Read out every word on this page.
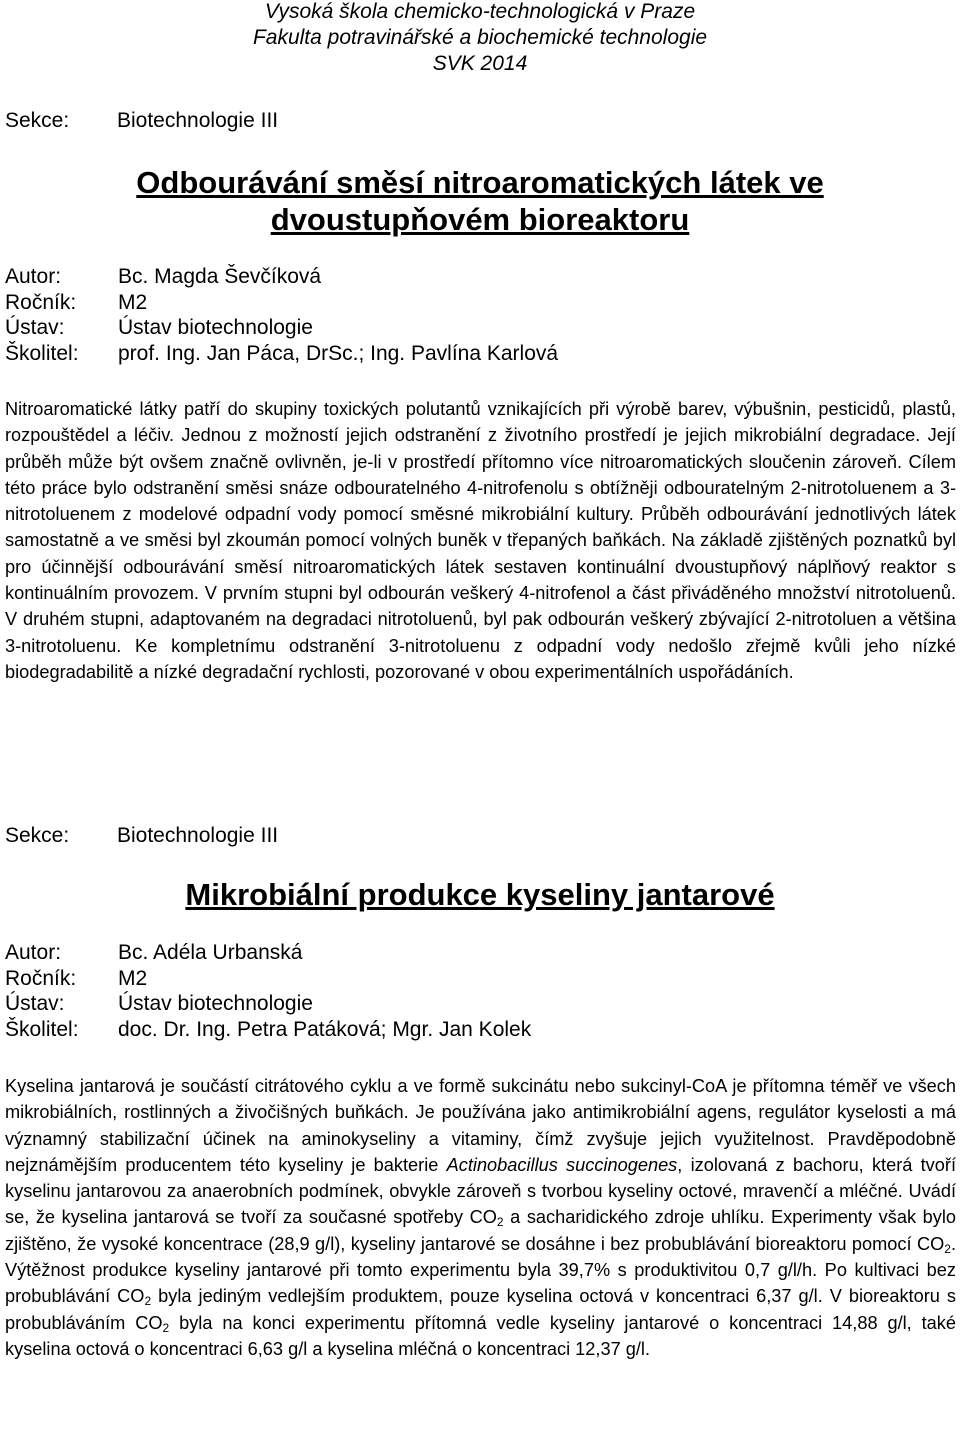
Vysoká škola chemicko-technologická v Praze
Fakulta potravinářské a biochemické technologie
SVK 2014
Sekce: Biotechnologie III
Odbourávání směsí nitroaromatických látek ve
dvoustupňovém bioreaktoru
Autor:	Bc. Magda Ševčíková
Ročník:	M2
Ústav:	Ústav biotechnologie
Školitel:	prof. Ing. Jan Páca, DrSc.; Ing. Pavlína Karlová

Nitroaromatické látky patří do skupiny toxických polutantů vznikajících při výrobě barev, výbušnin, pesticidů, plastů, rozpouštědel a léčiv. Jednou z možností jejich odstranění z životního prostředí je jejich mikrobiální degradace. Její průběh může být ovšem značně ovlivněn, je-li v prostředí přítomno více nitroaromatických sloučenin zároveň. Cílem této práce bylo odstranění směsi snáze odbouratelného 4-nitrofenolu s obtížněji odbouratelným 2-nitrotoluenem a 3-nitrotoluenem z modelové odpadní vody pomocí směsné mikrobiální kultury. Průběh odbourávání jednotlivých látek samostatně a ve směsi byl zkoumán pomocí volných buněk v třepaných baňkách. Na základě zjištěných poznatků byl pro účinnější odbourávání směsí nitroaromatických látek sestaven kontinuální dvoustupňový náplňový reaktor s kontinuálním provozem. V prvním stupni byl odbourán veškerý 4-nitrofenol a část přiváděného množství nitrotoluenů. V druhém stupni, adaptovaném na degradaci nitrotoluenů, byl pak odbourán veškerý zbývající 2-nitrotoluen a většina 3-nitrotoluenu. Ke kompletnímu odstranění 3-nitrotoluenu z odpadní vody nedošlo zřejmě kvůli jeho nízké biodegradabilitě a nízké degradační rychlosti, pozorované v obou experimentálních uspořádáních.

Sekce: Biotechnologie III
Mikrobiální produkce kyseliny jantarové
Autor:	Bc. Adéla Urbanská
Ročník:	M2
Ústav:	Ústav biotechnologie
Školitel:	doc. Dr. Ing. Petra Patáková; Mgr. Jan Kolek

Kyselina jantarová je součástí citrátového cyklu a ve formě sukcinátu nebo sukcinyl-CoA je přítomna téměř ve všech mikrobiálních, rostlinných a živočišných buňkách. Je používána jako antimikrobiální agens, regulátor kyselosti a má významný stabilizační účinek na aminokyseliny a vitaminy, čímž zvyšuje jejich využitelnost. Pravděpodobně nejznámějším producentem této kyseliny je bakterie Actinobacillus succinogenes, izolovaná z bachoru, která tvoří kyselinu jantarovou za anaerobních podmínek, obvykle zároveň s tvorbou kyseliny octové, mravenčí a mléčné. Uvádí se, že kyselina jantarová se tvoří za současné spotřeby $CO_2$ a sacharidického zdroje uhlíku. Experimenty však bylo zjištěno, že vysoké koncentrace (28,9 g/l), kyseliny jantarové se dosáhne i bez probublávání bioreaktoru pomocí $CO_2$. Výtěžnost produkce kyseliny jantarové při tomto experimentu byla 39,7% s produktivitou 0,7 g/l/h. Po kultivaci bez probublávání $CO_2$ byla jediným vedlejším produktem, pouze kyselina octová v koncentraci 6,37 g/l. V bioreaktoru s probubláváním $CO_2$ byla na konci experimentu přítomná vedle kyseliny jantarové o koncentraci 14,88 g/l, také kyselina octová o koncentraci 6,63 g/l a kyselina mléčná o koncentraci 12,37 g/l.
